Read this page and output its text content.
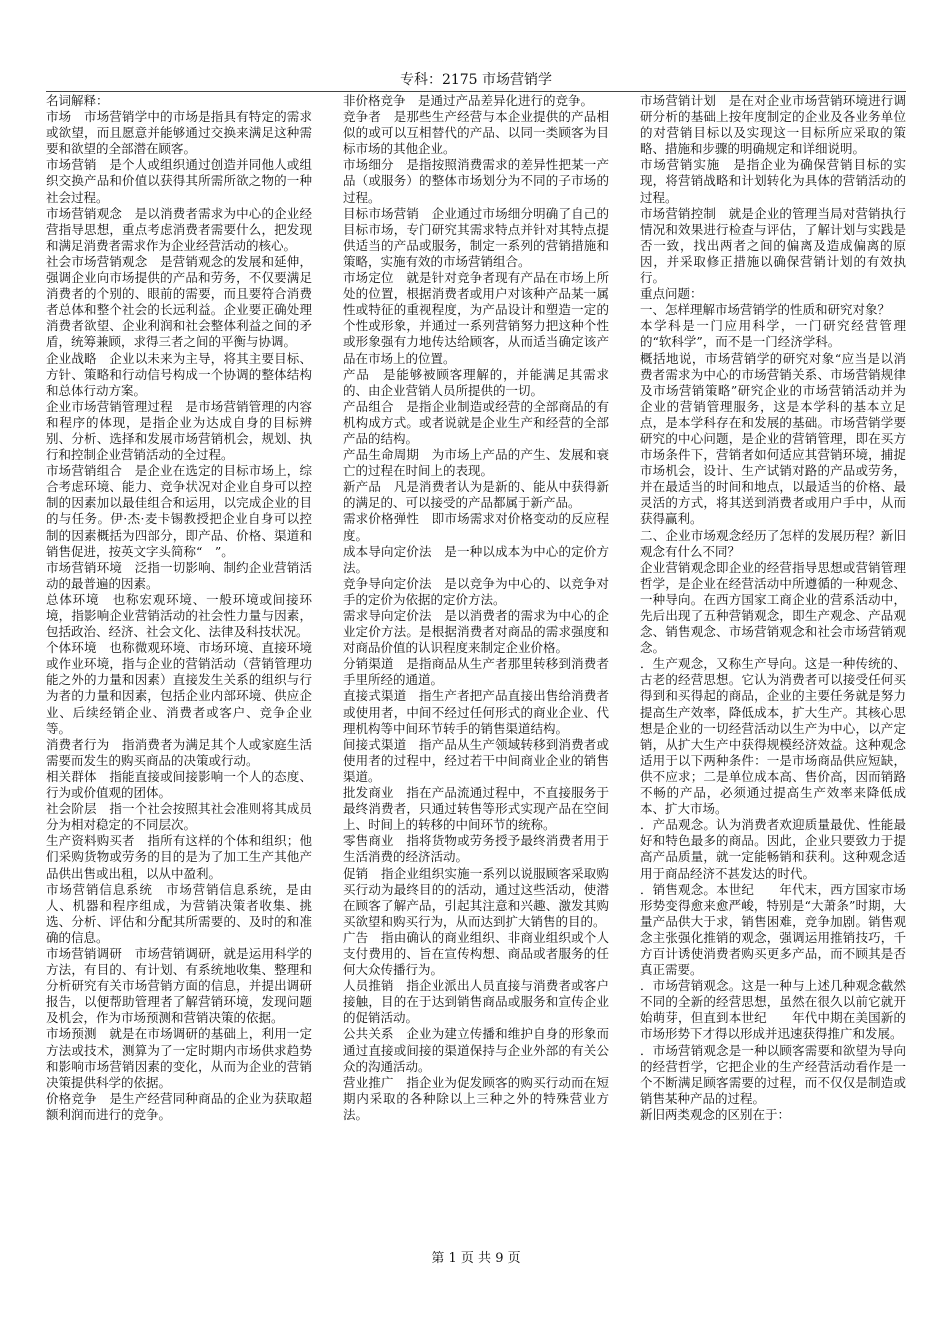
专科：2175 市场营销学

名词解释：

市场　市场营销学中的市场是指具有特定的需求或欲望，而且愿意并能够通过交换来满足这种需要和欲望的全部潜在顾客。

市场营销　是个人或组织通过创造并同他人或组织交换产品和价值以获得其所需所欲之物的一种社会过程。

市场营销观念　是以消费者需求为中心的企业经营指导思想，重点考虑消费者需要什么，把发现和满足消费者需求作为企业经营活动的核心。

社会市场营销观念　是营销观念的发展和延伸，强调企业向市场提供的产品和劳务，不仅要满足消费者的个别的、眼前的需要，而且要符合消费者总体和整个社会的长远利益。企业要正确处理消费者欲望、企业利润和社会整体利益之间的矛盾，统筹兼顾，求得三者之间的平衡与协调。

企业战略　企业以未来为主导，将其主要目标、方针、策略和行动信号构成一个协调的整体结构和总体行动方案。

企业市场营销管理过程　是市场营销管理的内容和程序的体现，是指企业为达成自身的目标辨别、分析、选择和发展市场营销机会，规划、执行和控制企业营销活动的全过程。

市场营销组合　是企业在选定的目标市场上，综合考虑环境、能力、竞争状况对企业自身可以控制的因素加以最佳组合和运用，以完成企业的目的与任务。伊·杰·麦卡锡教授把企业自身可以控制的因素概括为四部分，即产品、价格、渠道和销售促进，按英文字头简称“　”。

市场营销环境　泛指一切影响、制约企业营销活动的最普遍的因素。

总体环境　也称宏观环境、一般环境或间接环境，指影响企业营销活动的社会性力量与因素，包括政治、经济、社会文化、法律及科技状况。

个体环境　也称微观环境、市场环境、直接环境或作业环境，指与企业的营销活动（营销管理功能之外的力量和因素）直接发生关系的组织与行为者的力量和因素，包括企业内部环境、供应企业、后续经销企业、消费者或客户、竞争企业等。

消费者行为　指消费者为满足其个人或家庭生活需要而发生的购买商品的决策或行动。

相关群体　指能直接或间接影响一个人的态度、行为或价值观的团体。

社会阶层　指一个社会按照其社会准则将其成员分为相对稳定的不同层次。

生产资料购买者　指所有这样的个体和组织；他们采购货物或劳务的目的是为了加工生产其他产品供出售或出租，以从中盈利。

市场营销信息系统　市场营销信息系统，是由人、机器和程序组成，为营销决策者收集、挑选、分析、评估和分配其所需要的、及时的和准确的信息。

市场营销调研　市场营销调研，就是运用科学的方法，有目的、有计划、有系统地收集、整理和分析研究有关市场营销方面的信息，并提出调研报告，以便帮助管理者了解营销环境，发现问题及机会，作为市场预测和营销决策的依据。

市场预测　就是在市场调研的基础上，利用一定方法或技术，测算为了一定时期内市场供求趋势和影响市场营销因素的变化，从而为企业的营销决策提供科学的依据。

价格竞争　是生产经营同种商品的企业为获取超额利润而进行的竞争。

非价格竞争　是通过产品差异化进行的竞争。

竞争者　是那些生产经营与本企业提供的产品相似的或可以互相替代的产品、以同一类顾客为目标市场的其他企业。

市场细分　是指按照消费需求的差异性把某一产品（或服务）的整体市场划分为不同的子市场的过程。

目标市场营销　企业通过市场细分明确了自己的目标市场，专门研究其需求特点并针对其特点提供适当的产品或服务，制定一系列的营销措施和策略，实施有效的市场营销组合。

市场定位　就是针对竞争者现有产品在市场上所处的位置，根据消费者或用户对该种产品某一属性或特征的重视程度，为产品设计和塑造一定的个性或形象，并通过一系列营销努力把这种个性或形象强有力地传达给顾客，从而适当确定该产品在市场上的位置。

产品　是能够被顾客理解的，并能满足其需求的、由企业营销人员所提供的一切。

产品组合　是指企业制造或经营的全部商品的有机构成方式。或者说就是企业生产和经营的全部产品的结构。

产品生命周期　为市场上产品的产生、发展和衰亡的过程在时间上的表现。

新产品　凡是消费者认为是新的、能从中获得新的满足的、可以接受的产品都属于新产品。

需求价格弹性　即市场需求对价格变动的反应程度。

成本导向定价法　是一种以成本为中心的定价方法。

竞争导向定价法　是以竞争为中心的、以竞争对手的定价为依据的定价方法。

需求导向定价法　是以消费者的需求为中心的企业定价方法。是根据消费者对商品的需求强度和对商品价值的认识程度来制定企业价格。

分销渠道　是指商品从生产者那里转移到消费者手里所经的通道。

直接式渠道　指生产者把产品直接出售给消费者或使用者，中间不经过任何形式的商业企业、代理机构等中间环节转手的销售渠道结构。

间接式渠道　指产品从生产领域转移到消费者或使用者的过程中，经过若干中间商业企业的销售渠道。

批发商业　指在产品流通过程中，不直接服务于最终消费者，只通过转售等形式实现产品在空间上、时间上的转移的中间环节的统称。

零售商业　指将货物或劳务授予最终消费者用于生活消费的经济活动。

促销　指企业组织实施一系列以说服顾客采取购买行动为最终目的的活动，通过这些活动，使潜在顾客了解产品，引起其注意和兴趣、激发其购买欲望和购买行为，从而达到扩大销售的目的。

广告　指由确认的商业组织、非商业组织或个人支付费用的、旨在宣传构想、商品或者服务的任何大众传播行为。

人员推销　指企业派出人员直接与消费者或客户接触，目的在于达到销售商品或服务和宣传企业的促销活动。

公共关系　企业为建立传播和维护自身的形象而通过直接或间接的渠道保持与企业外部的有关公众的沟通活动。

营业推广　指企业为促发顾客的购买行动而在短期内采取的各种除以上三种之外的特殊营业方法。

市场营销计划　是在对企业市场营销环境进行调研分析的基础上按年度制定的企业及各业务单位的对营销目标以及实现这一目标所应采取的策略、措施和步骤的明确规定和详细说明。

市场营销实施　是指企业为确保营销目标的实现，将营销战略和计划转化为具体的营销活动的过程。

市场营销控制　就是企业的管理当局对营销执行情况和效果进行检查与评估，了解计划与实践是否一致，找出两者之间的偏离及造成偏离的原因，并采取修正措施以确保营销计划的有效执行。

重点问题：

一、怎样理解市场营销学的性质和研究对象？

本学科是一门应用科学，一门研究经营管理的“软科学”，而不是一门经济学科。

概括地说，市场营销学的研究对象“应当是以消费者需求为中心的市场营销关系、市场营销规律及市场营销策略”研究企业的市场营销活动并为企业的营销管理服务，这是本学科的基本立足点，是本学科存在和发展的基础。市场营销学要研究的中心问题，是企业的营销管理，即在买方市场条件下，营销者如何适应其营销环境，捕捉市场机会，设计、生产试销对路的产品或劳务，并在最适当的时间和地点，以最适当的价格、最灵活的方式，将其送到消费者或用户手中，从而获得赢利。

二、企业市场观念经历了怎样的发展历程？新旧观念有什么不同？

企业营销观念即企业的经营指导思想或营销管理哲学，是企业在经营活动中所遵循的一种观念、一种导向。在西方国家工商企业的营系活动中，先后出现了五种营销观念，即生产观念、产品观念、销售观念、市场营销观念和社会市场营销观念。

．生产观念，又称生产导向。这是一种传统的、古老的经营思想。它认为消费者可以接受任何买得到和买得起的商品，企业的主要任务就是努力提高生产效率，降低成本，扩大生产。其核心思想是企业的一切经营活动以生产为中心，以产定销，从扩大生产中获得规模经济效益。这种观念适用于以下两种条件：一是市场商品供应短缺，供不应求；二是单位成本高、售价高，因而销路不畅的产品，必须通过提高生产效率来降低成本、扩大市场。

．产品观念。认为消费者欢迎质量最优、性能最好和特色最多的商品。因此，企业只要致力于提高产品质量，就一定能畅销和获利。这种观念适用于商品经济不甚发达的时代。

．销售观念。本世纪　　年代末，西方国家市场形势变得愈来愈严峻，特别是“大萧条”时期，大量产品供大于求，销售困难，竞争加剧。销售观念主张强化推销的观念，强调运用推销技巧，千方百计诱使消费者购买更多产品，而不顾其是否真正需要。

．市场营销观念。这是一种与上述几种观念截然不同的全新的经营思想，虽然在很久以前它就开始萌芽，但直到本世纪　　年代中期在美国新的市场形势下才得以形成并迅速获得推广和发展。

．市场营销观念是一种以顾客需要和欲望为导向的经营哲学，它把企业的生产经营活动看作是一个不断满足顾客需要的过程，而不仅仅是制造或销售某种产品的过程。

新旧两类观念的区别在于：

第 1 页 共 9 页
